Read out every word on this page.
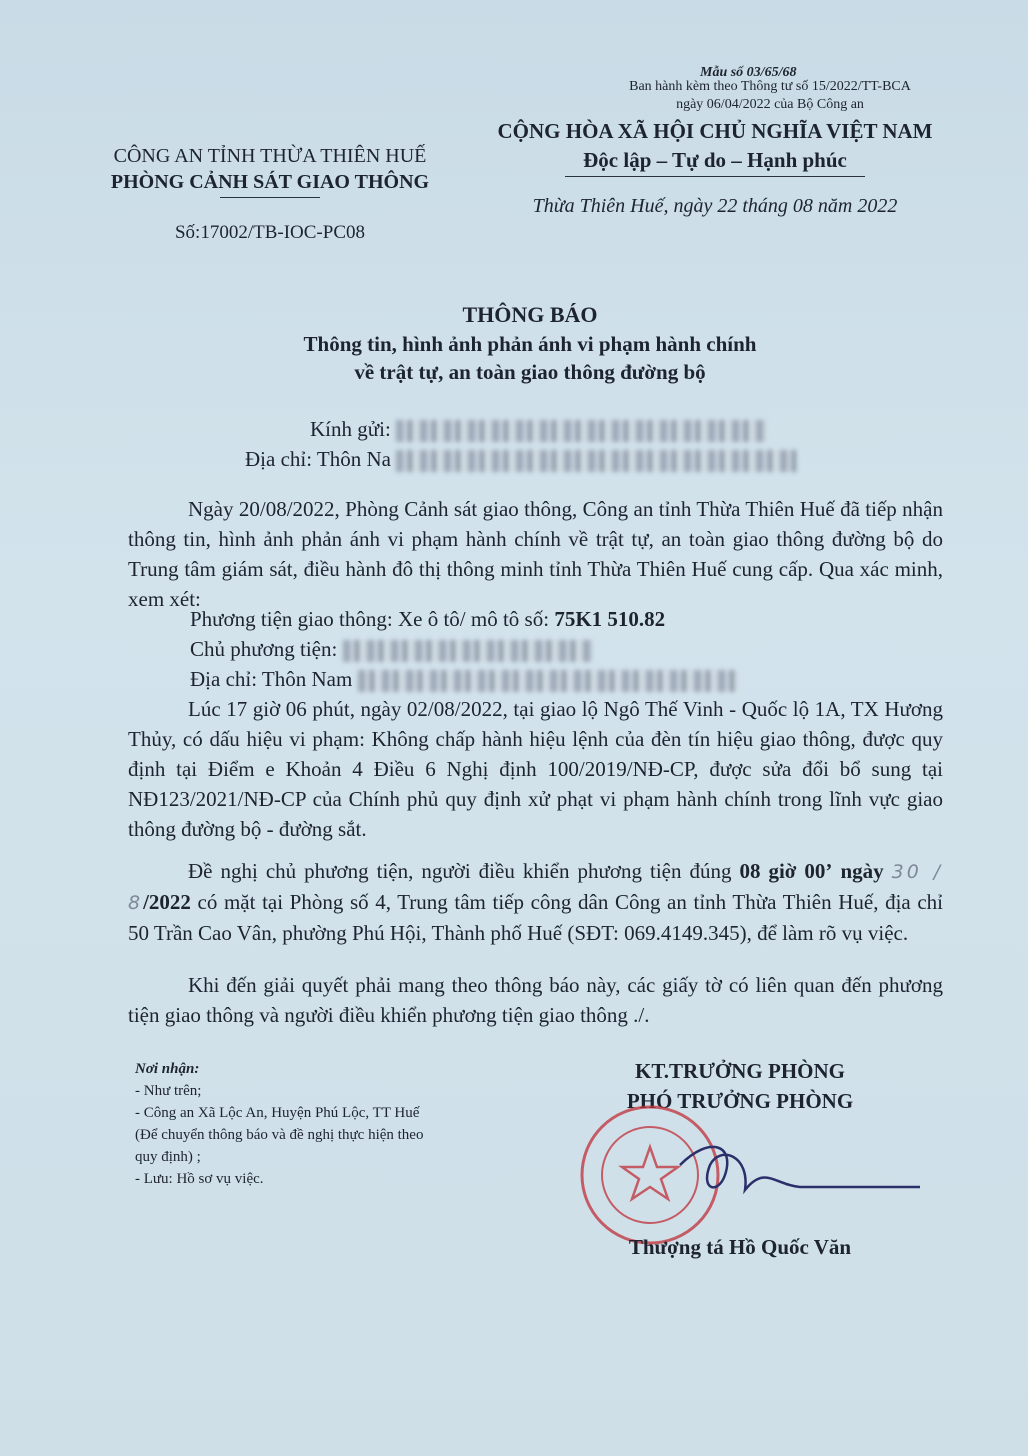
Mẫu số 03/65/68
Ban hành kèm theo Thông tư số 15/2022/TT-BCA
ngày 06/04/2022 của Bộ Công an
CÔNG AN TỈNH THỪA THIÊN HUẾ
PHÒNG CẢNH SÁT GIAO THÔNG
Số:17002/TB-IOC-PC08
CỘNG HÒA XÃ HỘI CHỦ NGHĨA VIỆT NAM
Độc lập – Tự do – Hạnh phúc
Thừa Thiên Huế, ngày 22 tháng 08 năm 2022
THÔNG BÁO
Thông tin, hình ảnh phản ánh vi phạm hành chính
về trật tự, an toàn giao thông đường bộ
Kính gửi:
Địa chỉ: Thôn Na
Ngày 20/08/2022, Phòng Cảnh sát giao thông, Công an tỉnh Thừa Thiên Huế đã tiếp nhận thông tin, hình ảnh phản ánh vi phạm hành chính về trật tự, an toàn giao thông đường bộ do Trung tâm giám sát, điều hành đô thị thông minh tỉnh Thừa Thiên Huế cung cấp. Qua xác minh, xem xét:
Phương tiện giao thông: Xe ô tô/ mô tô số: 75K1 510.82
Chủ phương tiện:
Địa chỉ: Thôn Nam
Lúc 17 giờ 06 phút, ngày 02/08/2022, tại giao lộ Ngô Thế Vinh - Quốc lộ 1A, TX Hương Thủy, có dấu hiệu vi phạm: Không chấp hành hiệu lệnh của đèn tín hiệu giao thông, được quy định tại Điểm e Khoản 4 Điều 6 Nghị định 100/2019/NĐ-CP, được sửa đổi bổ sung tại NĐ123/2021/NĐ-CP của Chính phủ quy định xử phạt vi phạm hành chính trong lĩnh vực giao thông đường bộ - đường sắt.
Đề nghị chủ phương tiện, người điều khiển phương tiện đúng 08 giờ 00’ ngày 30 / 8/2022 có mặt tại Phòng số 4, Trung tâm tiếp công dân Công an tỉnh Thừa Thiên Huế, địa chỉ 50 Trần Cao Vân, phường Phú Hội, Thành phố Huế (SĐT: 069.4149.345), để làm rõ vụ việc.
Khi đến giải quyết phải mang theo thông báo này, các giấy tờ có liên quan đến phương tiện giao thông và người điều khiển phương tiện giao thông ./.
Nơi nhận:
- Như trên;
- Công an Xã Lộc An, Huyện Phú Lộc, TT Huế
(Để chuyển thông báo và đề nghị thực hiện theo
quy định) ;
- Lưu: Hồ sơ vụ việc.
KT.TRƯỞNG PHÒNG
PHÓ TRƯỞNG PHÒNG
Thượng tá Hồ Quốc Văn
